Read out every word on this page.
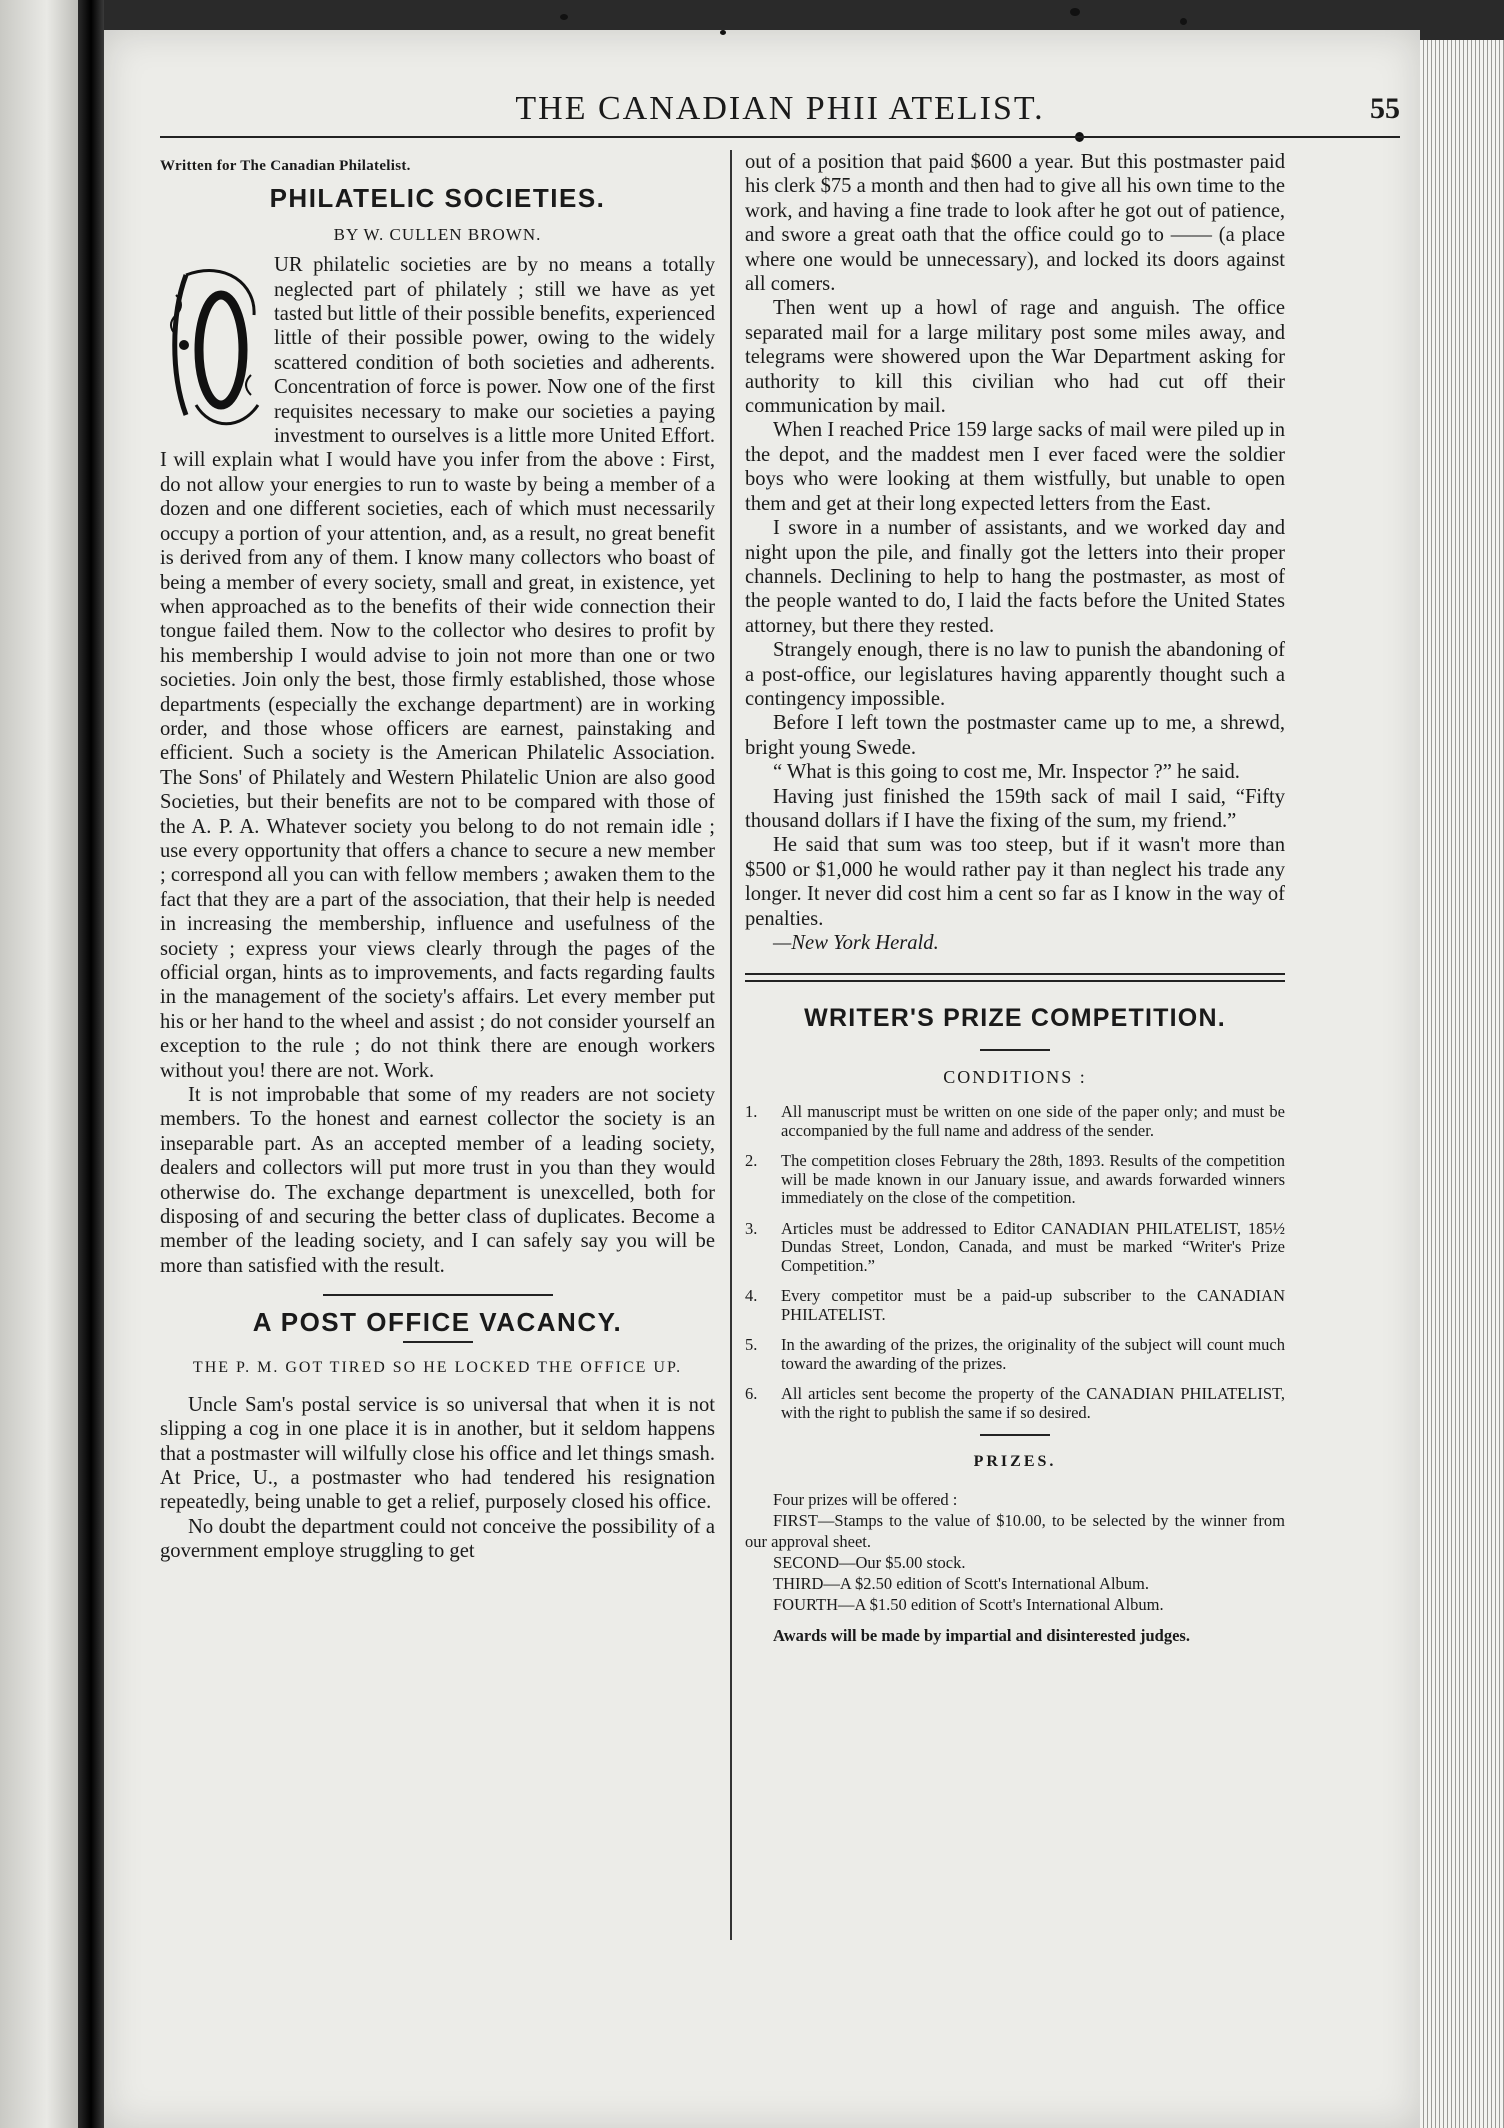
THE CANADIAN PHII ATELIST.	55
Written for The Canadian Philatelist.
PHILATELIC SOCIETIES.
BY W. CULLEN BROWN.

UR philatelic societies are by no means a totally neglected part of philately ; still we have as yet tasted but little of their possible benefits, experienced little of their possible power, owing to the widely scattered condition of both societies and adherents. Concentration of force is power. Now one of the first requisites necessary to make our societies a paying investment to ourselves is a little more United Effort. I will explain what I would have you infer from the above : First, do not allow your energies to run to waste by being a member of a dozen and one different societies, each of which must necessarily occupy a portion of your attention, and, as a result, no great benefit is derived from any of them. I know many collectors who boast of being a member of every society, small and great, in existence, yet when approached as to the benefits of their wide connection their tongue failed them. Now to the collector who desires to profit by his membership I would advise to join not more than one or two societies. Join only the best, those firmly established, those whose departments (especially the exchange department) are in working order, and those whose officers are earnest, painstaking and efficient. Such a society is the American Philatelic Association. The Sons' of Philately and Western Philatelic Union are also good Societies, but their benefits are not to be compared with those of the A. P. A. Whatever society you belong to do not remain idle ; use every opportunity that offers a chance to secure a new member ; correspond all you can with fellow members ; awaken them to the fact that they are a part of the association, that their help is needed in increasing the membership, influence and usefulness of the society ; express your views clearly through the pages of the official organ, hints as to improvements, and facts regarding faults in the management of the society's affairs. Let every member put his or her hand to the wheel and assist ; do not consider yourself an exception to the rule ; do not think there are enough workers without you! there are not. Work.

It is not improbable that some of my readers are not society members. To the honest and earnest collector the society is an inseparable part. As an accepted member of a leading society, dealers and collectors will put more trust in you than they would otherwise do. The exchange department is unexcelled, both for disposing of and securing the better class of duplicates. Become a member of the leading society, and I can safely say you will be more than satisfied with the result.

A POST OFFICE VACANCY.
THE P. M. GOT TIRED SO HE LOCKED THE OFFICE UP.

Uncle Sam's postal service is so universal that when it is not slipping a cog in one place it is in another, but it seldom happens that a postmaster will wilfully close his office and let things smash. At Price, U., a postmaster who had tendered his resignation repeatedly, being unable to get a relief, purposely closed his office.

No doubt the department could not conceive the possibility of a government employe struggling to get

out of a position that paid $600 a year. But this postmaster paid his clerk $75 a month and then had to give all his own time to the work, and having a fine trade to look after he got out of patience, and swore a great oath that the office could go to —— (a place where one would be unnecessary), and locked its doors against all comers.

Then went up a howl of rage and anguish. The office separated mail for a large military post some miles away, and telegrams were showered upon the War Department asking for authority to kill this civilian who had cut off their communication by mail.

When I reached Price 159 large sacks of mail were piled up in the depot, and the maddest men I ever faced were the soldier boys who were looking at them wistfully, but unable to open them and get at their long expected letters from the East.

I swore in a number of assistants, and we worked day and night upon the pile, and finally got the letters into their proper channels. Declining to help to hang the postmaster, as most of the people wanted to do, I laid the facts before the United States attorney, but there they rested.

Strangely enough, there is no law to punish the abandoning of a post-office, our legislatures having apparently thought such a contingency impossible.

Before I left town the postmaster came up to me, a shrewd, bright young Swede.

“ What is this going to cost me, Mr. Inspector ?” he said.

Having just finished the 159th sack of mail I said, “Fifty thousand dollars if I have the fixing of the sum, my friend.”

He said that sum was too steep, but if it wasn't more than $500 or $1,000 he would rather pay it than neglect his trade any longer. It never did cost him a cent so far as I know in the way of penalties.

—New York Herald.

WRITER'S PRIZE COMPETITION.
CONDITIONS :
1. All manuscript must be written on one side of the paper only; and must be accompanied by the full name and address of the sender.
2. The competition closes February the 28th, 1893. Results of the competition will be made known in our January issue, and awards forwarded winners immediately on the close of the competition.
3. Articles must be addressed to Editor CANADIAN PHILATELIST, 185½ Dundas Street, London, Canada, and must be marked “Writer's Prize Competition.”
4. Every competitor must be a paid-up subscriber to the CANADIAN PHILATELIST.
5. In the awarding of the prizes, the originality of the subject will count much toward the awarding of the prizes.
6. All articles sent become the property of the CANADIAN PHILATELIST, with the right to publish the same if so desired.
PRIZES.

Four prizes will be offered :

FIRST—Stamps to the value of $10.00, to be selected by the winner from our approval sheet.

SECOND—Our $5.00 stock.

THIRD—A $2.50 edition of Scott's International Album.

FOURTH—A $1.50 edition of Scott's International Album.

Awards will be made by impartial and disinterested judges.
